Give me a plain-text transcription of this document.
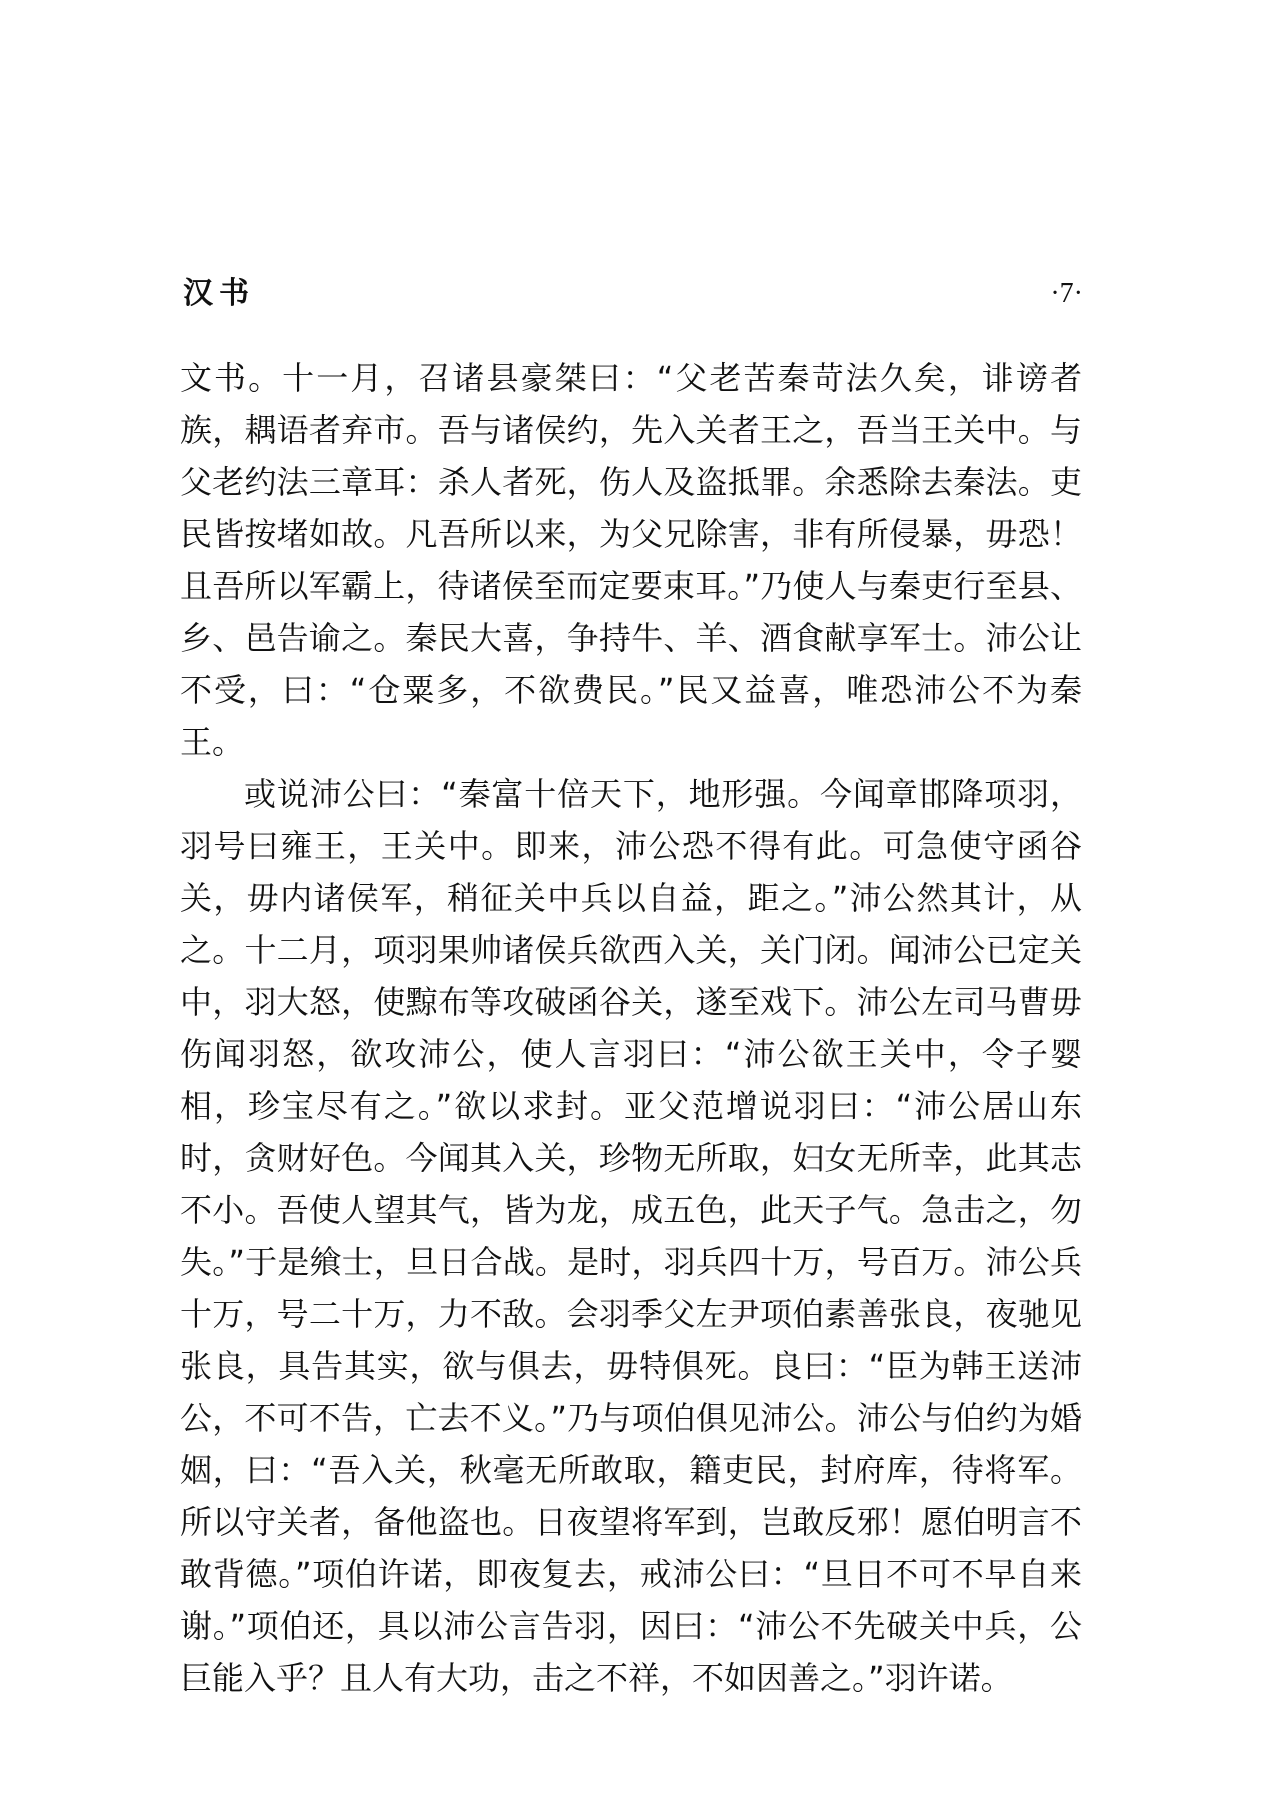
汉书	·7·

文书。十一月，召诸县豪桀曰：“父老苦秦苛法久矣，诽谤者族，耦语者弃市。吾与诸侯约，先入关者王之，吾当王关中。与父老约法三章耳：杀人者死，伤人及盗抵罪。余悉除去秦法。吏民皆按堵如故。凡吾所以来，为父兄除害，非有所侵暴，毋恐！且吾所以军霸上，待诸侯至而定要束耳。”乃使人与秦吏行至县、乡、邑告谕之。秦民大喜，争持牛、羊、酒食献享军士。沛公让不受，曰：“仓粟多，不欲费民。”民又益喜，唯恐沛公不为秦王。

或说沛公曰：“秦富十倍天下，地形强。今闻章邯降项羽，羽号曰雍王，王关中。即来，沛公恐不得有此。可急使守函谷关，毋内诸侯军，稍征关中兵以自益，距之。”沛公然其计，从之。十二月，项羽果帅诸侯兵欲西入关，关门闭。闻沛公已定关中，羽大怒，使黥布等攻破函谷关，遂至戏下。沛公左司马曹毋伤闻羽怒，欲攻沛公，使人言羽曰：“沛公欲王关中，令子婴相，珍宝尽有之。”欲以求封。亚父范增说羽曰：“沛公居山东时，贪财好色。今闻其入关，珍物无所取，妇女无所幸，此其志不小。吾使人望其气，皆为龙，成五色，此天子气。急击之，勿失。”于是飨士，旦日合战。是时，羽兵四十万，号百万。沛公兵十万，号二十万，力不敌。会羽季父左尹项伯素善张良，夜驰见张良，具告其实，欲与俱去，毋特俱死。良曰：“臣为韩王送沛公，不可不告，亡去不义。”乃与项伯俱见沛公。沛公与伯约为婚姻，曰：“吾入关，秋毫无所敢取，籍吏民，封府库，待将军。所以守关者，备他盗也。日夜望将军到，岂敢反邪！愿伯明言不敢背德。”项伯许诺，即夜复去，戒沛公曰：“旦日不可不早自来谢。”项伯还，具以沛公言告羽，因曰：“沛公不先破关中兵，公巨能入乎？且人有大功，击之不祥，不如因善之。”羽许诺。
